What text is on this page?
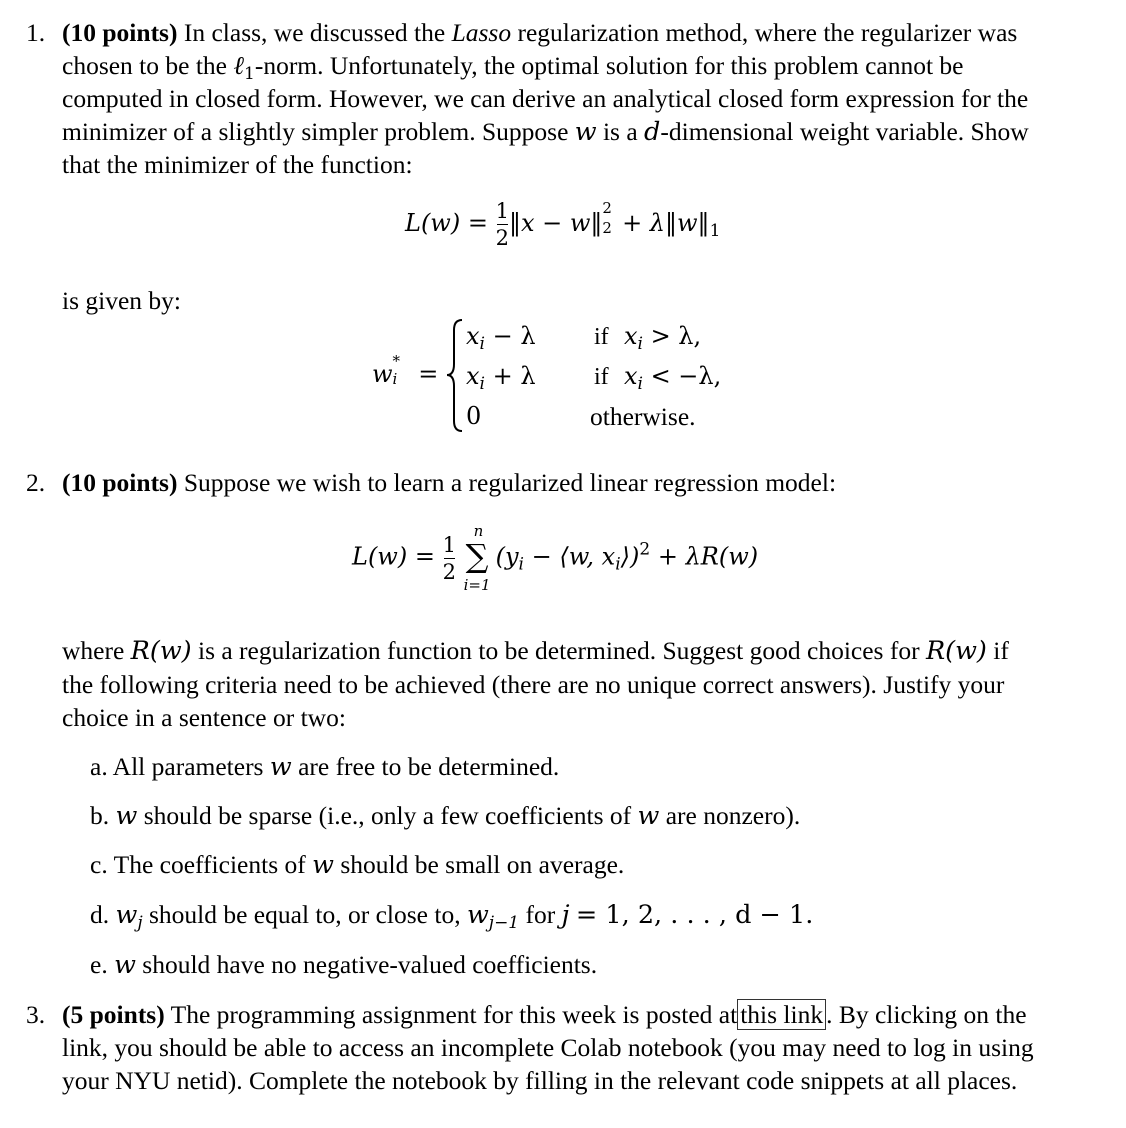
1. (10 points) In class, we discussed the Lasso regularization method, where the regularizer was
chosen to be the ℓ$_1$-norm. Unfortunately, the optimal solution for this problem cannot be
computed in closed form. However, we can derive an analytical closed form expression for the
minimizer of a slightly simpler problem. Suppose w is a d-dimensional weight variable. Show
that the minimizer of the function:
$L(w) = \frac{1}{2}$ ‖x − w‖
2
$2 + \lambda‖w‖_1$
is given by:
w *
i =
$x_i - \lambda$ if $x_i > \lambda$,
$x_i + \lambda$ if $x_i < -\lambda$,
0	otherwise.
2. (10 points) Suppose we wish to learn a regularized linear regression model:
$L(w) = \frac{1}{2}$

n
∑
i=1
($y_i$ − ⟨w, $x_i⟩)^2 + \lambda R(w)$
where R(w) is a regularization function to be determined. Suggest good choices for R(w) if
the following criteria need to be achieved (there are no unique correct answers). Justify your
choice in a sentence or two:
a. All parameters w are free to be determined.
b. w should be sparse (i.e., only a few coefficients of w are nonzero).
c. The coefficients of w should be small on average.
d. $w_j$ should be equal to, or close to, $w_{j-1}$ for j = 1, 2, . . . , d − 1.
e. w should have no negative-valued coefficients.
3. (5 points) The programming assignment for this week is posted at this link . By clicking on the
link, you should be able to access an incomplete Colab notebook (you may need to log in using
your NYU netid). Complete the notebook by filling in the relevant code snippets at all places.
